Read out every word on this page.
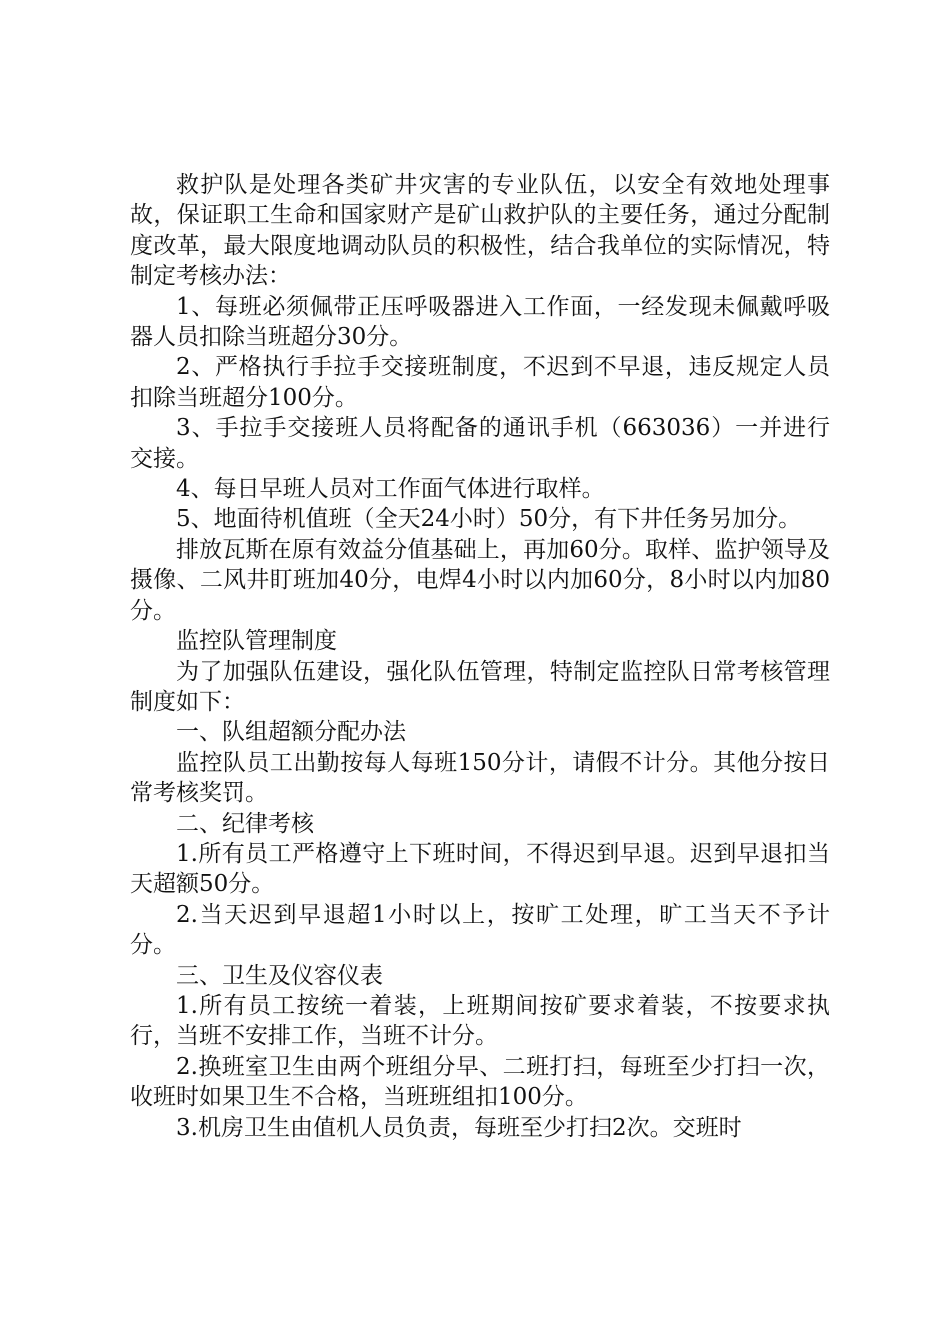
救护队是处理各类矿井灾害的专业队伍，以安全有效地处理事故，保证职工生命和国家财产是矿山救护队的主要任务，通过分配制度改革，最大限度地调动队员的积极性，结合我单位的实际情况，特制定考核办法：

1、每班必须佩带正压呼吸器进入工作面，一经发现未佩戴呼吸器人员扣除当班超分30分。

2、严格执行手拉手交接班制度，不迟到不早退，违反规定人员扣除当班超分100分。

3、手拉手交接班人员将配备的通讯手机（663036）一并进行交接。

4、每日早班人员对工作面气体进行取样。

5、地面待机值班（全天24小时）50分，有下井任务另加分。

排放瓦斯在原有效益分值基础上，再加60分。取样、监护领导及摄像、二风井盯班加40分，电焊4小时以内加60分，8小时以内加80分。

监控队管理制度

为了加强队伍建设，强化队伍管理，特制定监控队日常考核管理制度如下：

一、队组超额分配办法

监控队员工出勤按每人每班150分计，请假不计分。其他分按日常考核奖罚。

二、纪律考核

1.所有员工严格遵守上下班时间，不得迟到早退。迟到早退扣当天超额50分。

2.当天迟到早退超1小时以上，按旷工处理，旷工当天不予计分。

三、卫生及仪容仪表

1.所有员工按统一着装，上班期间按矿要求着装，不按要求执行，当班不安排工作，当班不计分。

2.换班室卫生由两个班组分早、二班打扫，每班至少打扫一次，收班时如果卫生不合格，当班班组扣100分。

3.机房卫生由值机人员负责，每班至少打扫2次。交班时
